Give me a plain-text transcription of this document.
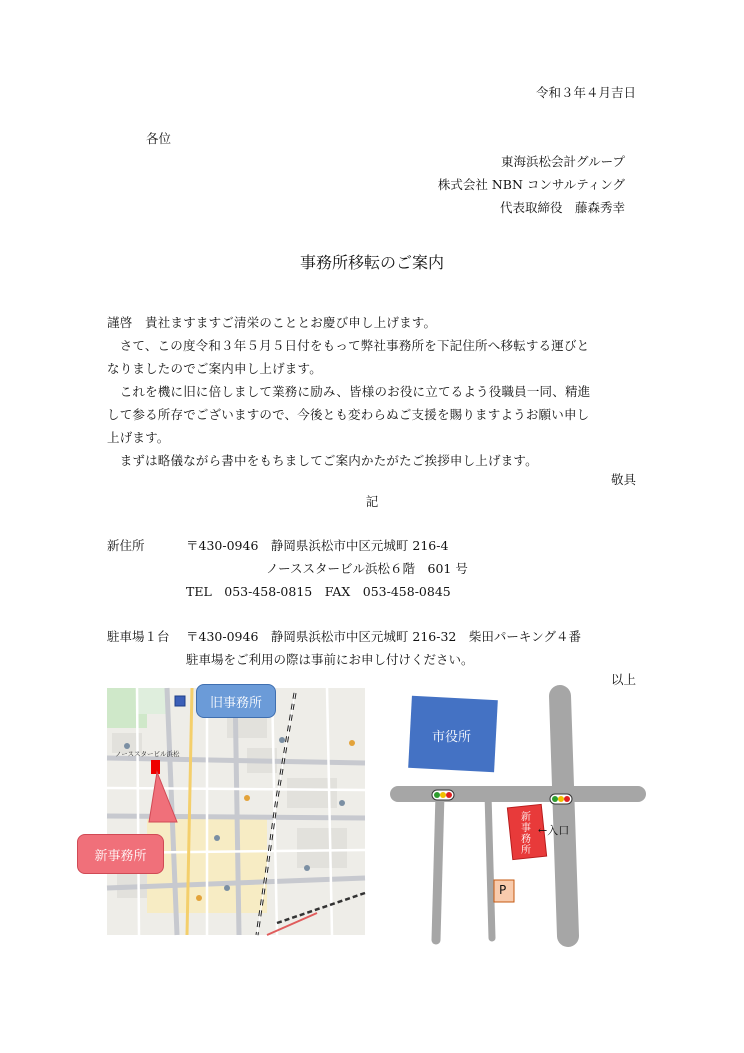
令和３年４月吉日
各位
東海浜松会計グループ
株式会社 NBN コンサルティング
代表取締役　藤森秀幸
事務所移転のご案内
謹啓　貴社ますますご清栄のこととお慶び申し上げます。
　さて、この度令和３年５月５日付をもって弊社事務所を下記住所へ移転する運びと
なりましたのでご案内申し上げます。
　これを機に旧に倍しまして業務に励み、皆様のお役に立てるよう役職員一同、精進
して参る所存でございますので、今後とも変わらぬご支援を賜りますようお願い申し
上げます。
　まずは略儀ながら書中をもちましてご案内かたがたご挨拶申し上げます。
敬具
記
新住所	〒430-0946　静岡県浜松市中区元城町 216-4
ノーススタービル浜松６階　601 号
TEL　053-458-0815　FAX　053-458-0845
駐車場１台 〒430-0946　静岡県浜松市中区元城町 216-32　柴田パーキング４番
駐車場をご利用の際は事前にお申し付けください。
以上
ノーススタービル浜松
旧事務所
新事務所
市役所
新事務所
←入口
P
